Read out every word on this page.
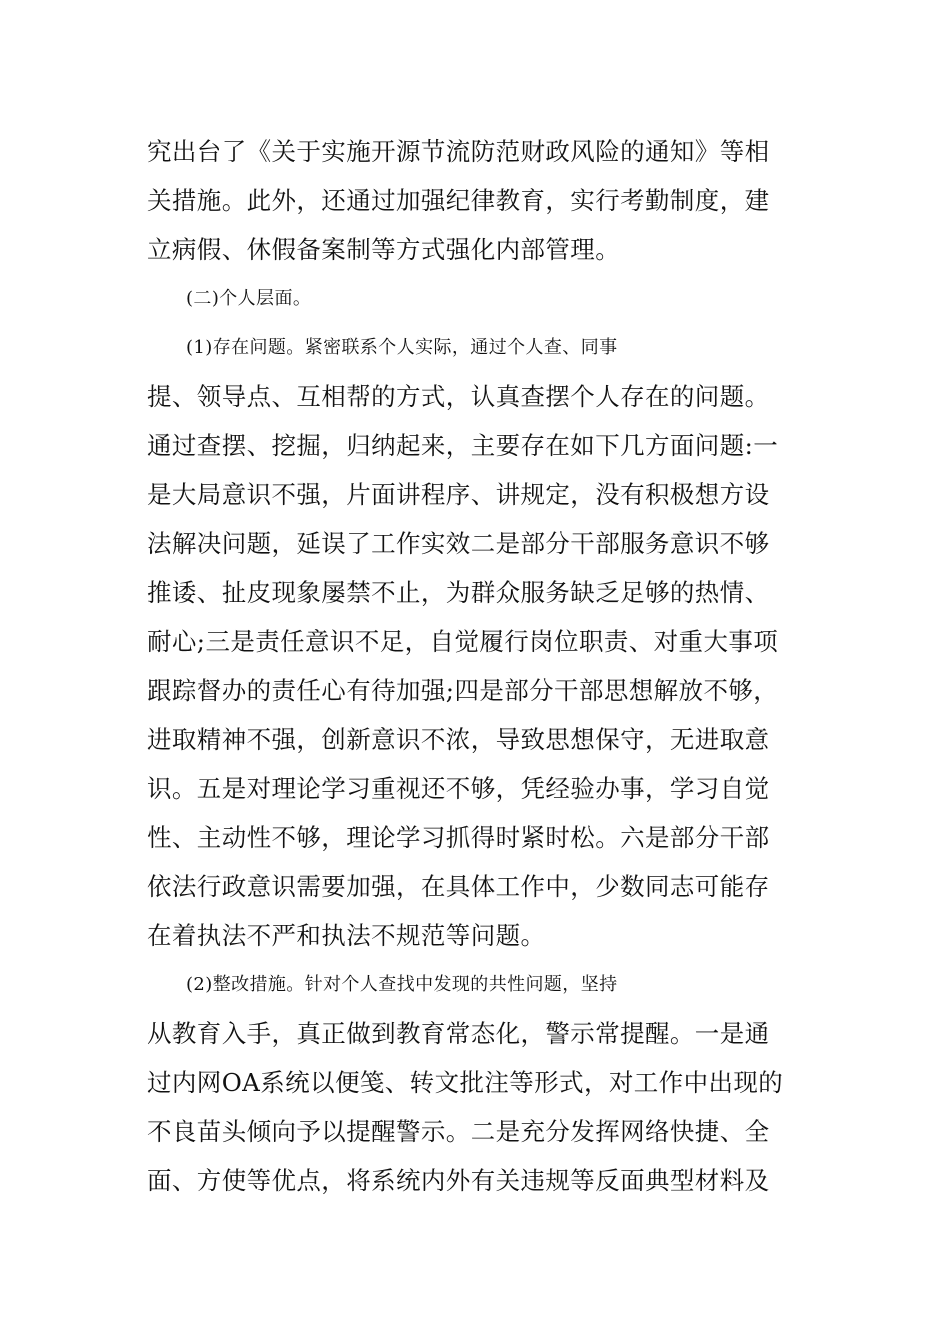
究出台了《关于实施开源节流防范财政风险的通知》等相
关措施。此外，还通过加强纪律教育，实行考勤制度，建
立病假、休假备案制等方式强化内部管理。
(二)个人层面。
(1)存在问题。紧密联系个人实际，通过个人查、同事
提、领导点、互相帮的方式，认真查摆个人存在的问题。
通过查摆、挖掘，归纳起来，主要存在如下几方面问题:一
是大局意识不强，片面讲程序、讲规定，没有积极想方设
法解决问题，延误了工作实效二是部分干部服务意识不够
推诿、扯皮现象屡禁不止，为群众服务缺乏足够的热情、
耐心;三是责任意识不足，自觉履行岗位职责、对重大事项
跟踪督办的责任心有待加强;四是部分干部思想解放不够，
进取精神不强，创新意识不浓，导致思想保守，无进取意
识。五是对理论学习重视还不够，凭经验办事，学习自觉
性、主动性不够，理论学习抓得时紧时松。六是部分干部
依法行政意识需要加强，在具体工作中，少数同志可能存
在着执法不严和执法不规范等问题。
(2)整改措施。针对个人查找中发现的共性问题，坚持
从教育入手，真正做到教育常态化，警示常提醒。一是通
过内网OA系统以便笺、转文批注等形式，对工作中出现的
不良苗头倾向予以提醒警示。二是充分发挥网络快捷、全
面、方使等优点，将系统内外有关违规等反面典型材料及
